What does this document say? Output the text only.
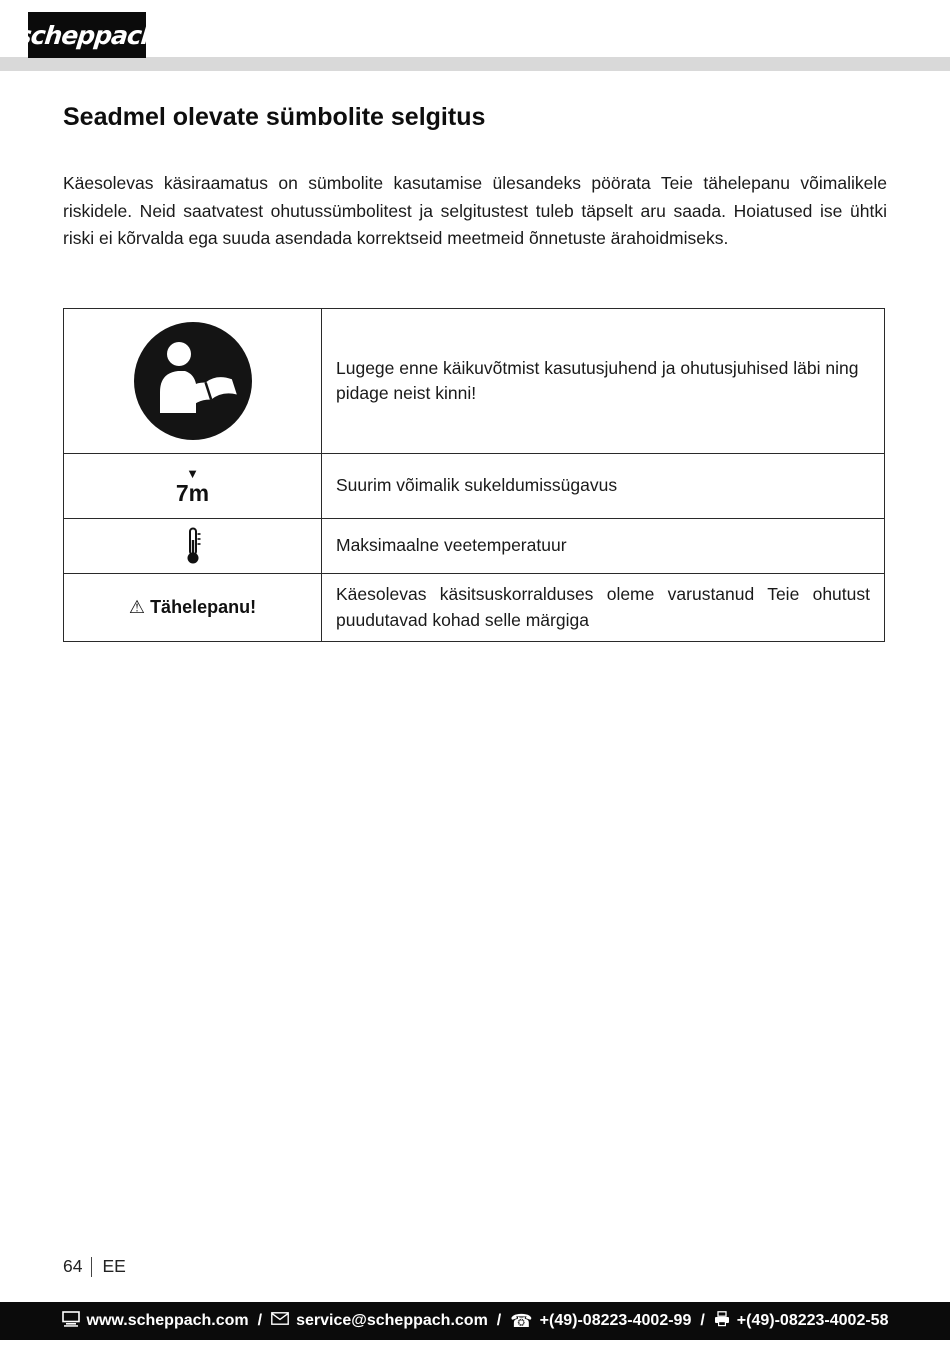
scheppach
Seadmel olevate sümbolite selgitus

Käesolevas käsiraamatus on sümbolite kasutamise ülesandeks pöörata Teie tähelepanu võimalikele riskidele. Neid saatvatest ohutussümbolitest ja selgitustest tuleb täpselt aru saada. Hoiatused ise ühtki riski ei kõrvalda ega suuda asendada korrektseid meetmeid õnnetuste ärahoidmiseks.

	Lugege enne käikuvõtmist kasutusjuhend ja ohutusjuhised läbi ning pidage neist kinni!

▼
7m	Suurim võimalik sukeldumissügavus

	Maksimaalne veetemperatuur
⚠ Tähelepanu!	Käesolevas käsitsuskorralduses oleme varustanud Teie ohutust puudutavad kohad selle märgiga
64 EE
www.scheppach.com / service@scheppach.com / ☎ +(49)-08223-4002-99 / +(49)-08223-4002-58
